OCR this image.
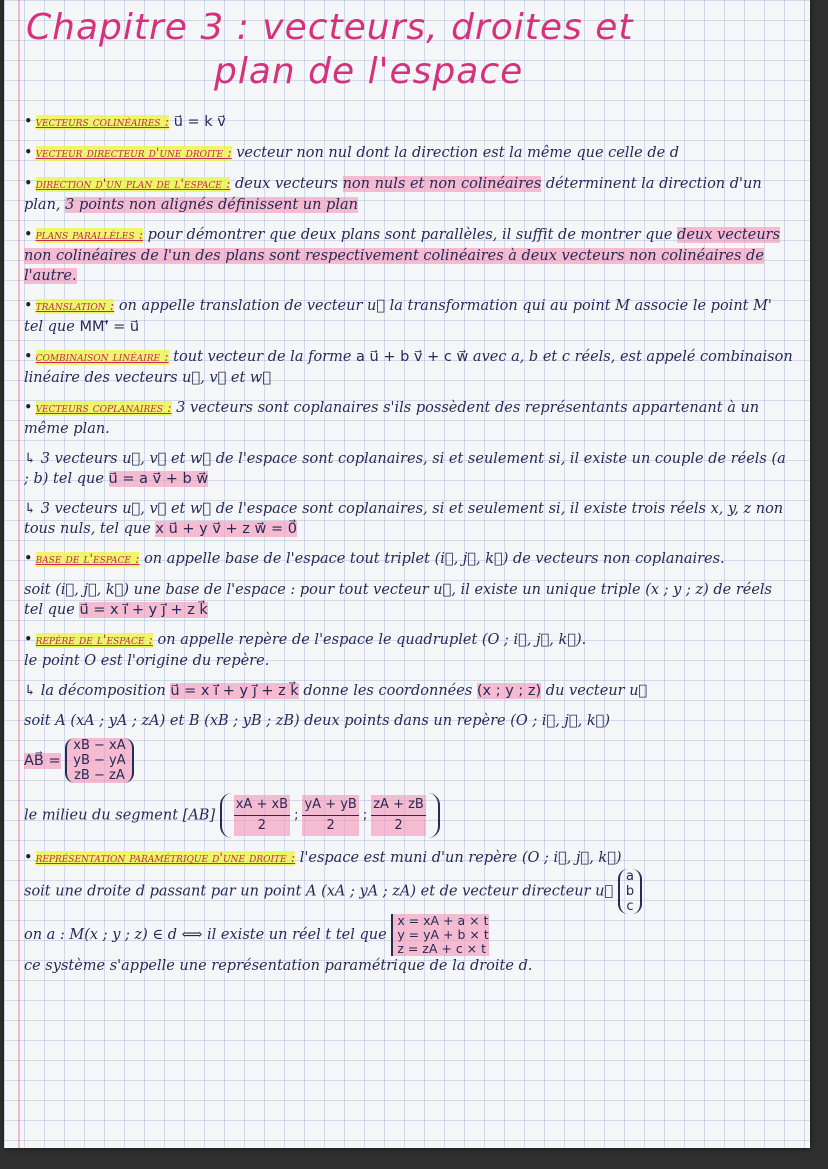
Chapitre 3 : vecteurs, droites et
plan de l'espace
• vecteurs colinéaires : u⃗ = k v⃗
• vecteur directeur d'une droite : vecteur non nul dont la direction est la même que celle de d
• direction d'un plan de l'espace : deux vecteurs non nuls et non colinéaires déterminent la direction d'un plan, 3 points non alignés définissent un plan
• plans parallèles : pour démontrer que deux plans sont parallèles, il suffit de montrer que deux vecteurs non colinéaires de l'un des plans sont respectivement colinéaires à deux vecteurs non colinéaires de l'autre.
• translation : on appelle translation de vecteur u⃗ la transformation qui au point M associe le point M' tel que MM'⃗ = u⃗
• combinaison linéaire : tout vecteur de la forme a u⃗ + b v⃗ + c w⃗ avec a, b et c réels, est appelé combinaison linéaire des vecteurs u⃗, v⃗ et w⃗
• vecteurs coplanaires : 3 vecteurs sont coplanaires s'ils possèdent des représentants appartenant à un même plan.
↳ 3 vecteurs u⃗, v⃗ et w⃗ de l'espace sont coplanaires, si et seulement si, il existe un couple de réels (a ; b) tel que u⃗ = a v⃗ + b w⃗
↳ 3 vecteurs u⃗, v⃗ et w⃗ de l'espace sont coplanaires, si et seulement si, il existe trois réels x, y, z non tous nuls, tel que x u⃗ + y v⃗ + z w⃗ = 0⃗
• base de l'espace : on appelle base de l'espace tout triplet (i⃗, j⃗, k⃗) de vecteurs non coplanaires.
soit (i⃗, j⃗, k⃗) une base de l'espace : pour tout vecteur u⃗, il existe un unique triple (x ; y ; z) de réels tel que u⃗ = x i⃗ + y j⃗ + z k⃗
• repère de l'espace : on appelle repère de l'espace le quadruplet (O ; i⃗, j⃗, k⃗).
le point O est l'origine du repère.
↳ la décomposition u⃗ = x i⃗ + y j⃗ + z k⃗ donne les coordonnées (x ; y ; z) du vecteur u⃗
soit A (xA ; yA ; zA) et B (xB ; yB ; zB) deux points dans un repère (O ; i⃗, j⃗, k⃗)
AB⃗ =
xB − xA
yB − yA
zB − zA
le milieu du segment $[AB] \frac{xA + xB}{2}$ ; $\frac{yA + yB}{2}$ ; $\frac{zA + zB}{2}$
• représentation paramétrique d'une droite : l'espace est muni d'un repère (O ; i⃗, j⃗, k⃗)
soit une droite d passant par un point A (xA ; yA ; zA) et de vecteur directeur u⃗
a
b
c

on a : M(x ; y ; z) ∈ d ⟺ il existe un réel t tel que
x = xA + a × t
y = yA + b × t
z = zA + c × t

ce système s'appelle une représentation paramétrique de la droite d.
